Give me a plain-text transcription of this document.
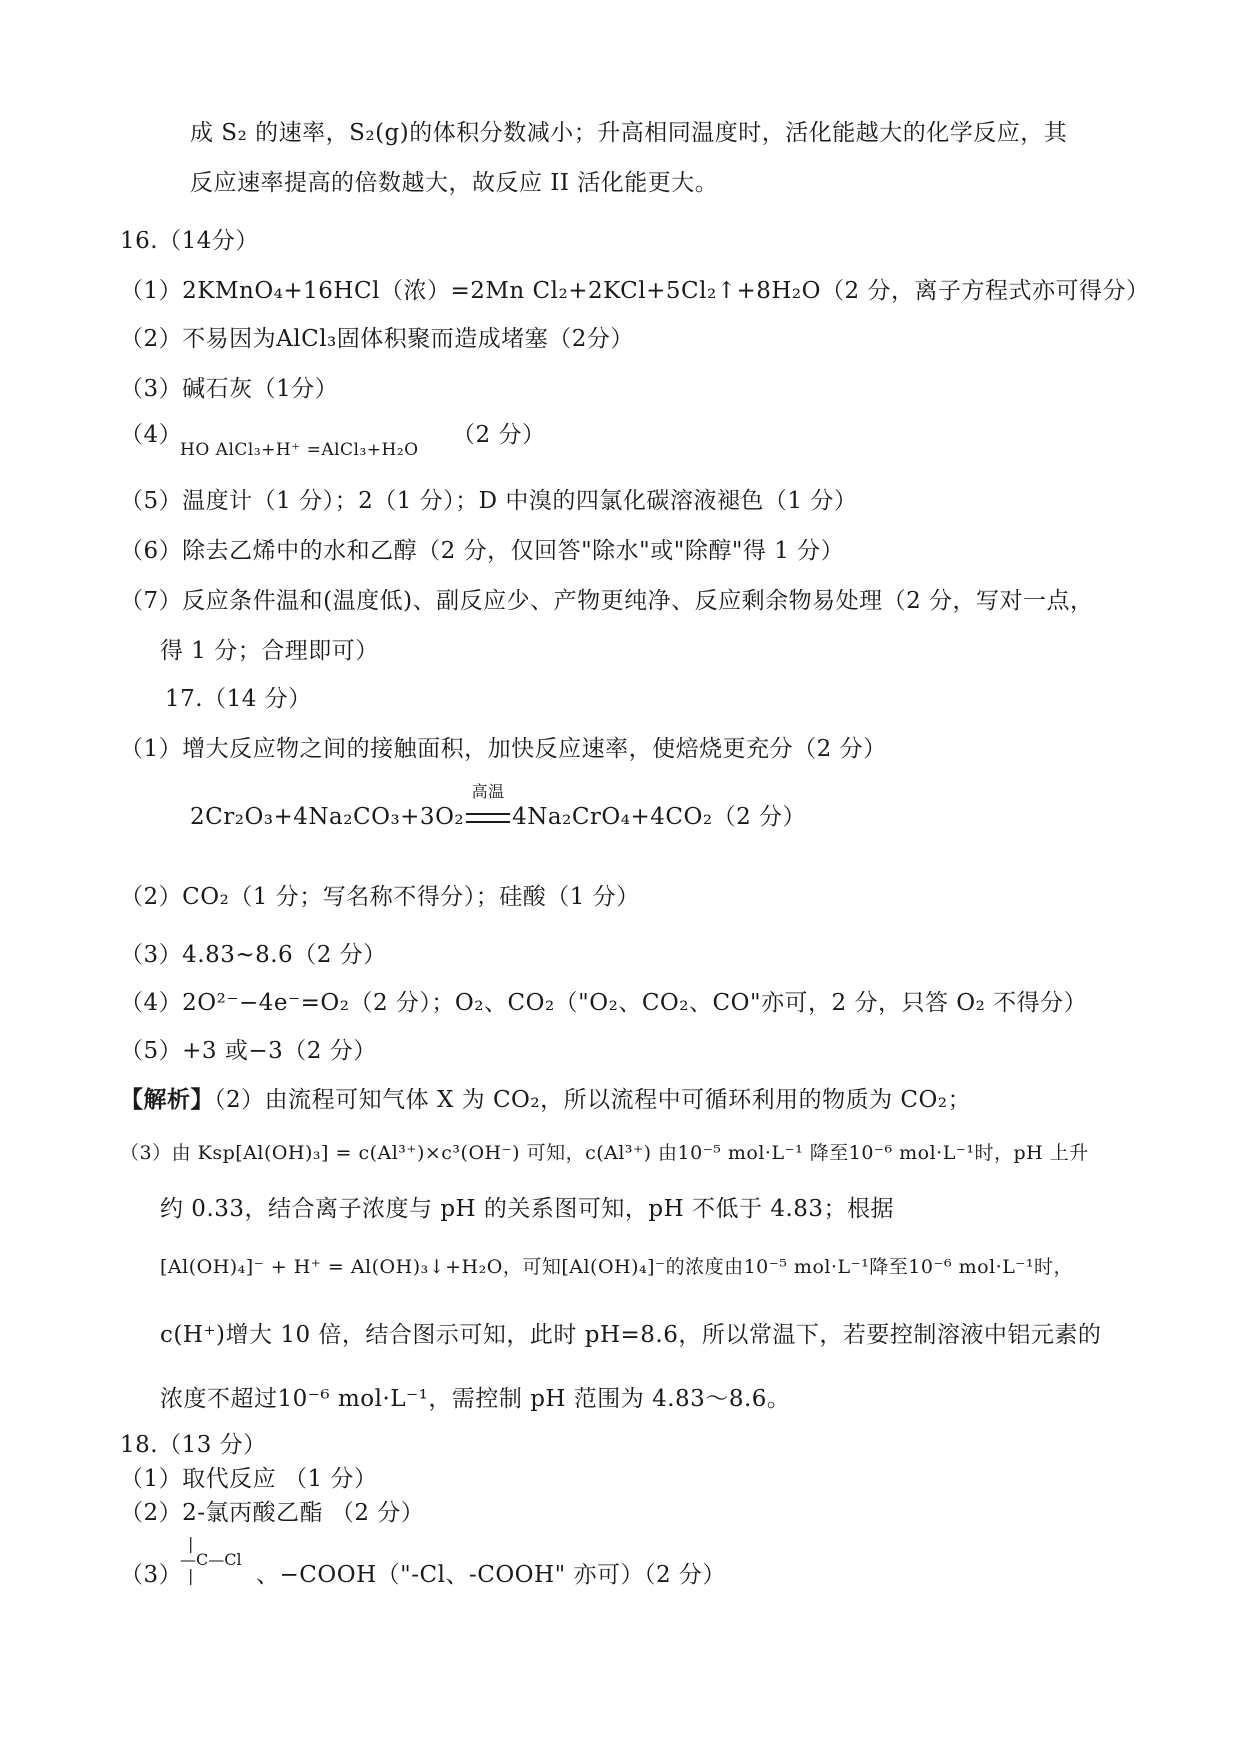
成 S₂ 的速率，S₂(g)的体积分数减小；升高相同温度时，活化能越大的化学反应，其
反应速率提高的倍数越大，故反应 II 活化能更大。
16.（14分）
（1）2KMnO₄+16HCl（浓）=2Mn Cl₂+2KCl+5Cl₂↑+8H₂O（2 分，离子方程式亦可得分）
（2）不易因为AlCl₃固体积聚而造成堵塞（2分）
（3）碱石灰（1分）
（4）
HO AlCl₃+H⁺ =AlCl₃+H₂O
（2 分）
（5）温度计（1 分）；2（1 分）；D 中溴的四氯化碳溶液褪色（1 分）
（6）除去乙烯中的水和乙醇（2 分，仅回答"除水"或"除醇"得 1 分）
（7）反应条件温和(温度低)、副反应少、产物更纯净、反应剩余物易处理（2 分，写对一点，
得 1 分；合理即可）
17.（14 分）
（1）增大反应物之间的接触面积，加快反应速率，使焙烧更充分（2 分）
2Cr₂O₃+4Na₂CO₃+3O₂
高温
4Na₂CrO₄+4CO₂（2 分）
（2）CO₂（1 分；写名称不得分）；硅酸（1 分）
（3）4.83~8.6（2 分）
（4）2O²⁻−4e⁻=O₂（2 分）；O₂、CO₂（"O₂、CO₂、CO"亦可，2 分，只答 O₂ 不得分）
（5）+3 或−3（2 分）
【解析】（2）由流程可知气体 X 为 CO₂，所以流程中可循环利用的物质为 CO₂；
（3）由 Ksp[Al(OH)₃] = c(Al³⁺)×c³(OH⁻) 可知，c(Al³⁺) 由10⁻⁵ mol·L⁻¹ 降至10⁻⁶ mol·L⁻¹时，pH 上升
约 0.33，结合离子浓度与 pH 的关系图可知，pH 不低于 4.83；根据
[Al(OH)₄]⁻ + H⁺ = Al(OH)₃↓+H₂O，可知[Al(OH)₄]⁻的浓度由10⁻⁵ mol·L⁻¹降至10⁻⁶ mol·L⁻¹时，
c(H⁺)增大 10 倍，结合图示可知，此时 pH=8.6，所以常温下，若要控制溶液中铝元素的
浓度不超过10⁻⁶ mol·L⁻¹，需控制 pH 范围为 4.83～8.6。
18.（13 分）
（1）取代反应 （1 分）
（2）2-氯丙酸乙酯 （2 分）
（3）
|
—C—Cl
|	、−COOH（"-Cl、-COOH" 亦可）（2 分）
